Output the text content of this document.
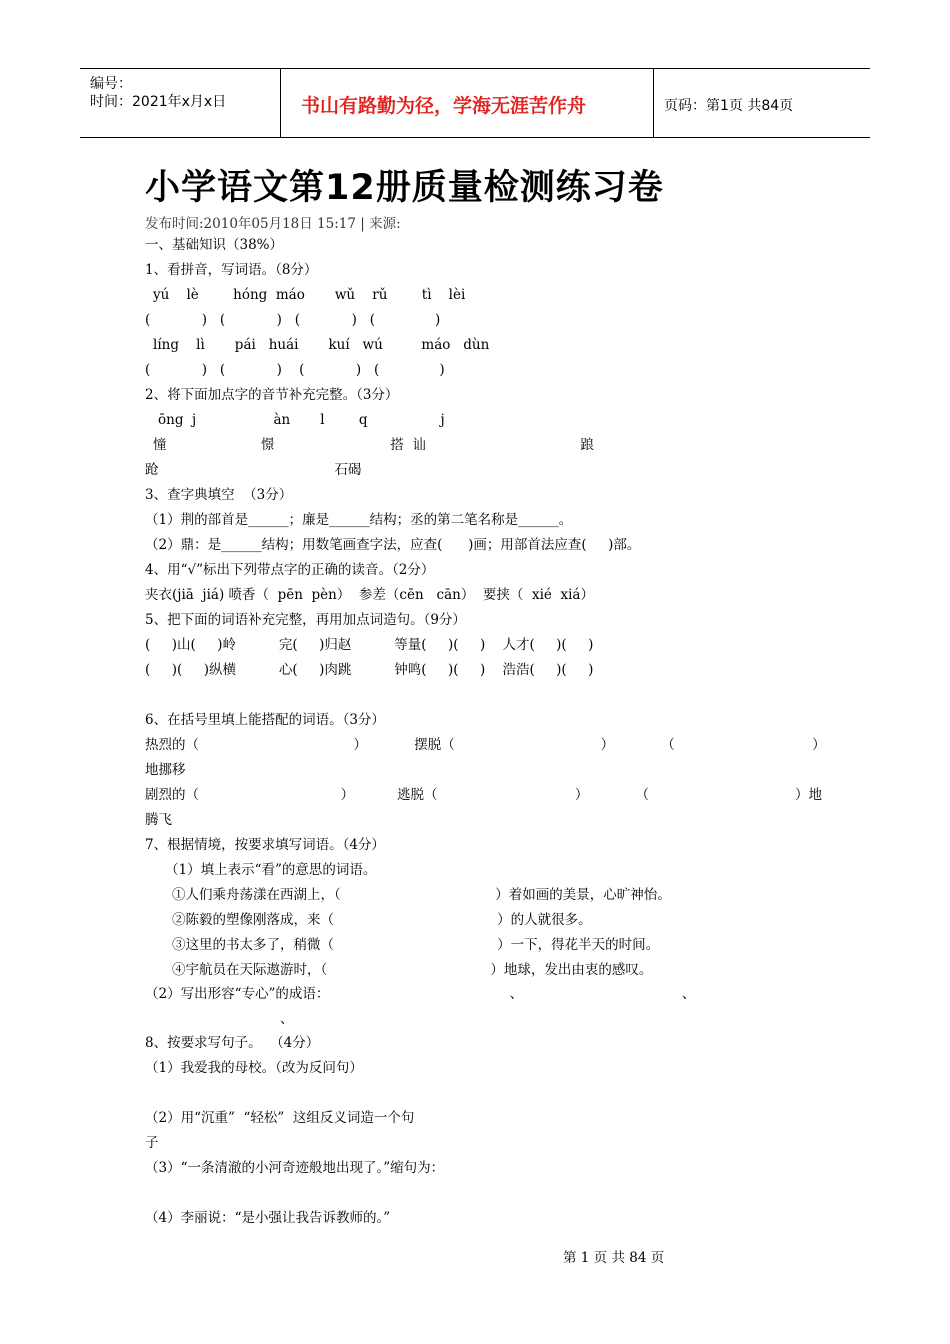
编号：
时间：2021年x月x日	书山有路勤为径，学海无涯苦作舟	页码：第1页 共84页
小学语文第12册质量检测练习卷
发布时间:2010年05月18日 15:17 | 来源:
一、基础知识（38%）
1、看拼音，写词语。（8分）
yú    lè        hóng  máo       wǔ    rǔ        tì    lèi
(            )   (            )   (            )   (              )
líng    lì       pái   huái       kuí   wú         máo   dùn
(            )   (            )    (            )   (              )
2、将下面加点字的音节补充完整。（3分）
ōng  j                  àn       l        q                 j
憧                      憬                           搭  讪                                    踉
跄                                         石碣
3、查字典填空  （3分）
（1）荆的部首是______；廉是______结构；丞的第二笔名称是______。
（2）鼎：是______结构；用数笔画查字法，应查(      )画；用部首法应查(     )部。
4、用“√”标出下列带点字的正确的读音。（2分）
夹衣(jiā  jiá) 喷香（  pēn  pèn）  参差（cēn   cān）  要挟（  xié  xiá）
5、把下面的词语补充完整，再用加点词造句。（9分）
(     )山(     )岭          完(     )归赵          等量(     )(     )    人才(     )(     )
(     )(     )纵横          心(     )肉跳          钟鸣(     )(     )    浩浩(     )(     )
6、在括号里填上能搭配的词语。（3分）
热烈的（                                    ）           摆脱（                                  ）           （                                ）
地挪移
剧烈的（                                 ）          逃脱（                                ）           （                                  ）地
腾飞
7、根据情境，按要求填写词语。（4分）
（1）填上表示“看”的意思的词语。
①人们乘舟荡漾在西湖上，（                                    ）着如画的美景，心旷神怡。
②陈毅的塑像刚落成，来（                                      ）的人就很多。
③这里的书太多了，稍微（                                      ）一下，得花半天的时间。
④宇航员在天际遨游时，（                                      ）地球，发出由衷的感叹。
（2）写出形容“专心”的成语：                                          、                                     、
、
8、按要求写句子。  （4分）
（1）我爱我的母校。（改为反问句）
（2）用“沉重”  “轻松”  这组反义词造一个句
子
（3）“一条清澈的小河奇迹般地出现了。”缩句为：
（4）李丽说：“是小强让我告诉教师的。”
第 1 页 共 84 页
